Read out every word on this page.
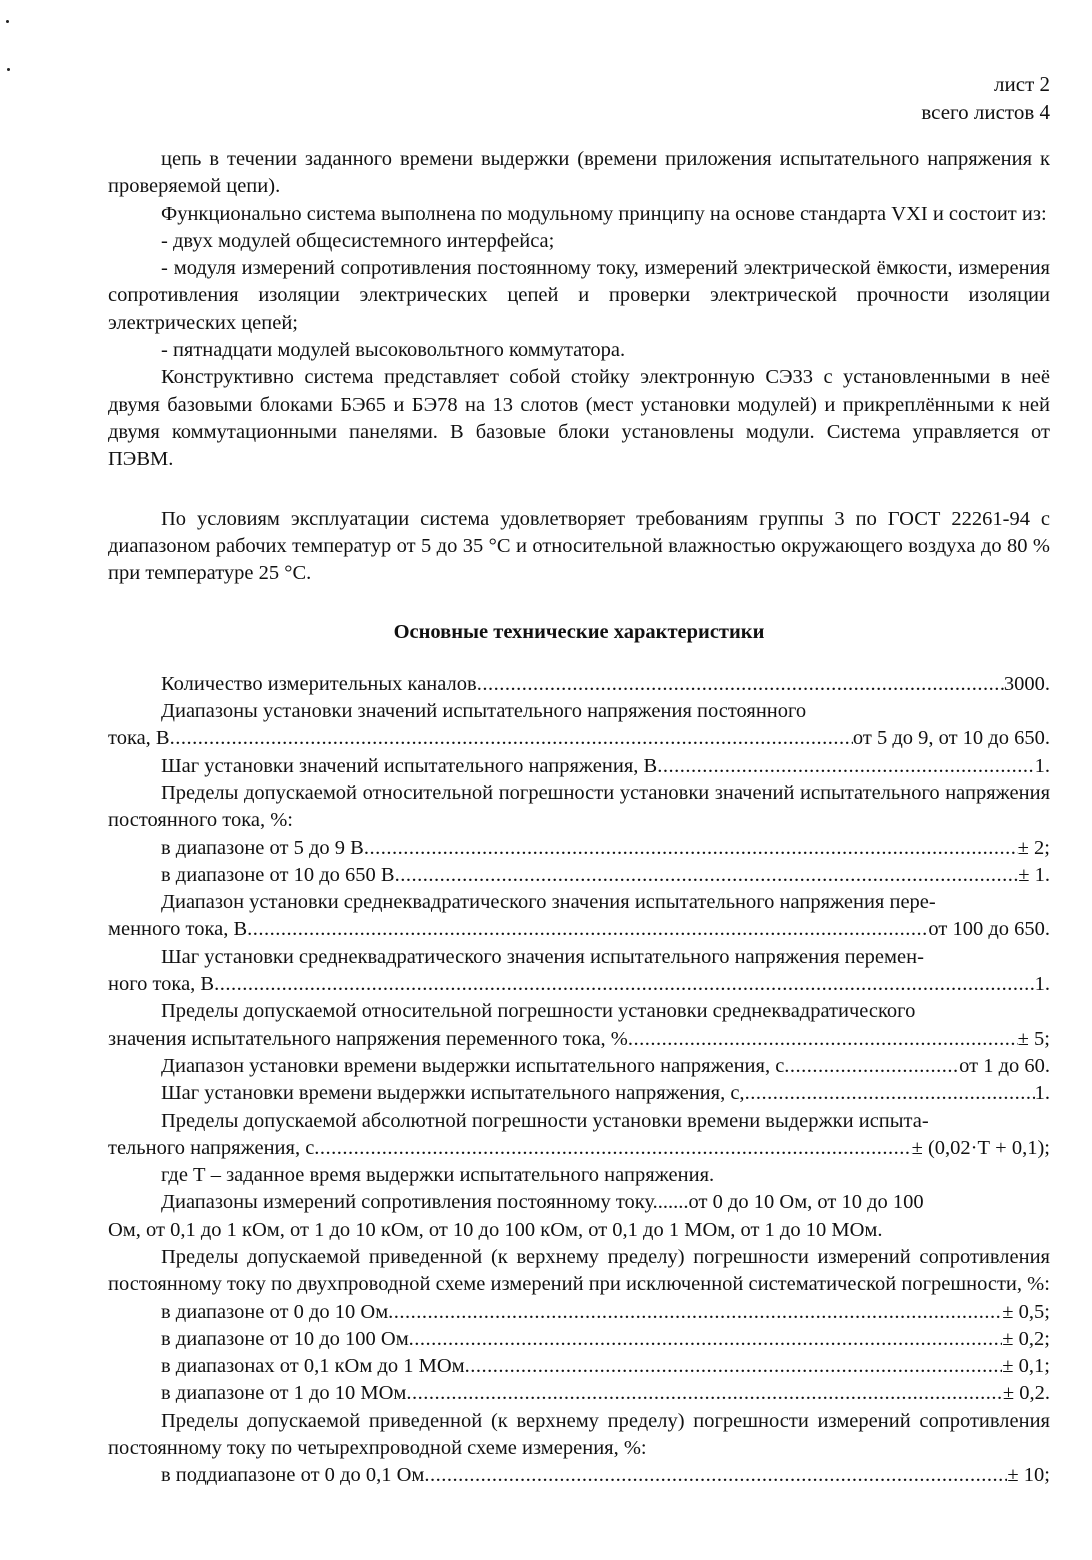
лист 2
всего листов 4

цепь в течении заданного времени выдержки (времени приложения испытательного напряжения к проверяемой цепи).

Функционально система выполнена по модульному принципу на основе стандарта VXI и состоит из:

- двух модулей общесистемного интерфейса;

- модуля измерений сопротивления постоянному току, измерений электрической ёмкости, измерения сопротивления изоляции электрических цепей и проверки электрической прочности изоляции электрических цепей;

- пятнадцати модулей высоковольтного коммутатора.

Конструктивно система представляет собой стойку электронную СЭ33 с установленными в неё двумя базовыми блоками БЭ65 и БЭ78 на 13 слотов (мест установки модулей) и прикреплёнными к ней двумя коммутационными панелями. В базовые блоки установлены модули. Система управляется от ПЭВМ.

По условиям эксплуатации система удовлетворяет требованиям группы 3 по ГОСТ 22261-94 с диапазоном рабочих температур от 5 до 35 °С и относительной влажностью окружающего воздуха до 80 % при температуре 25 °С.

Основные технические характеристики

Количество измерительных каналов .....	3000.
Диапазоны установки значений испытательного напряжения постоянного
тока, В .....	от 5 до 9, от 10 до 650.
Шаг установки значений испытательного напряжения, В .....	1.

Пределы допускаемой относительной погрешности установки значений испытательного напряжения постоянного тока, %:

в диапазоне от 5 до 9 В .....	± 2;
в диапазоне от 10 до 650 В .....	± 1.
Диапазон установки среднеквадратического значения испытательного напряжения пере-
менного тока, В .....	от 100 до 650.
Шаг установки среднеквадратического значения испытательного напряжения перемен-
ного тока, В .....	1.
Пределы допускаемой относительной погрешности установки среднеквадратического
значения испытательного напряжения переменного тока, % .....	± 5;
Диапазон установки времени выдержки испытательного напряжения, с .....	от 1 до 60.
Шаг установки времени выдержки испытательного напряжения, с, .....	1.
Пределы допускаемой абсолютной погрешности установки времени выдержки испыта-
тельного напряжения, с .....	± (0,02·Т + 0,1);
где Т – заданное время выдержки испытательного напряжения.
Диапазоны измерений сопротивления постоянному току.......от 0 до 10 Ом, от 10 до 100
Ом, от 0,1 до 1 кОм, от 1 до 10 кОм, от 10 до 100 кОм, от 0,1 до 1 МОм, от 1 до 10 МОм.

Пределы допускаемой приведенной (к верхнему пределу) погрешности измерений сопротивления постоянному току по двухпроводной схеме измерений при исключенной систематической погрешности, %:

в диапазоне от 0 до 10 Ом .....	± 0,5;
в диапазоне от 10 до 100 Ом .....	± 0,2;
в диапазонах от 0,1 кОм до 1 МОм .....	± 0,1;
в диапазоне от 1 до 10 МОм .....	± 0,2.

Пределы допускаемой приведенной (к верхнему пределу) погрешности измерений сопротивления постоянному току по четырехпроводной схеме измерения, %:

в поддиапазоне от 0 до 0,1 Ом .....	± 10;
